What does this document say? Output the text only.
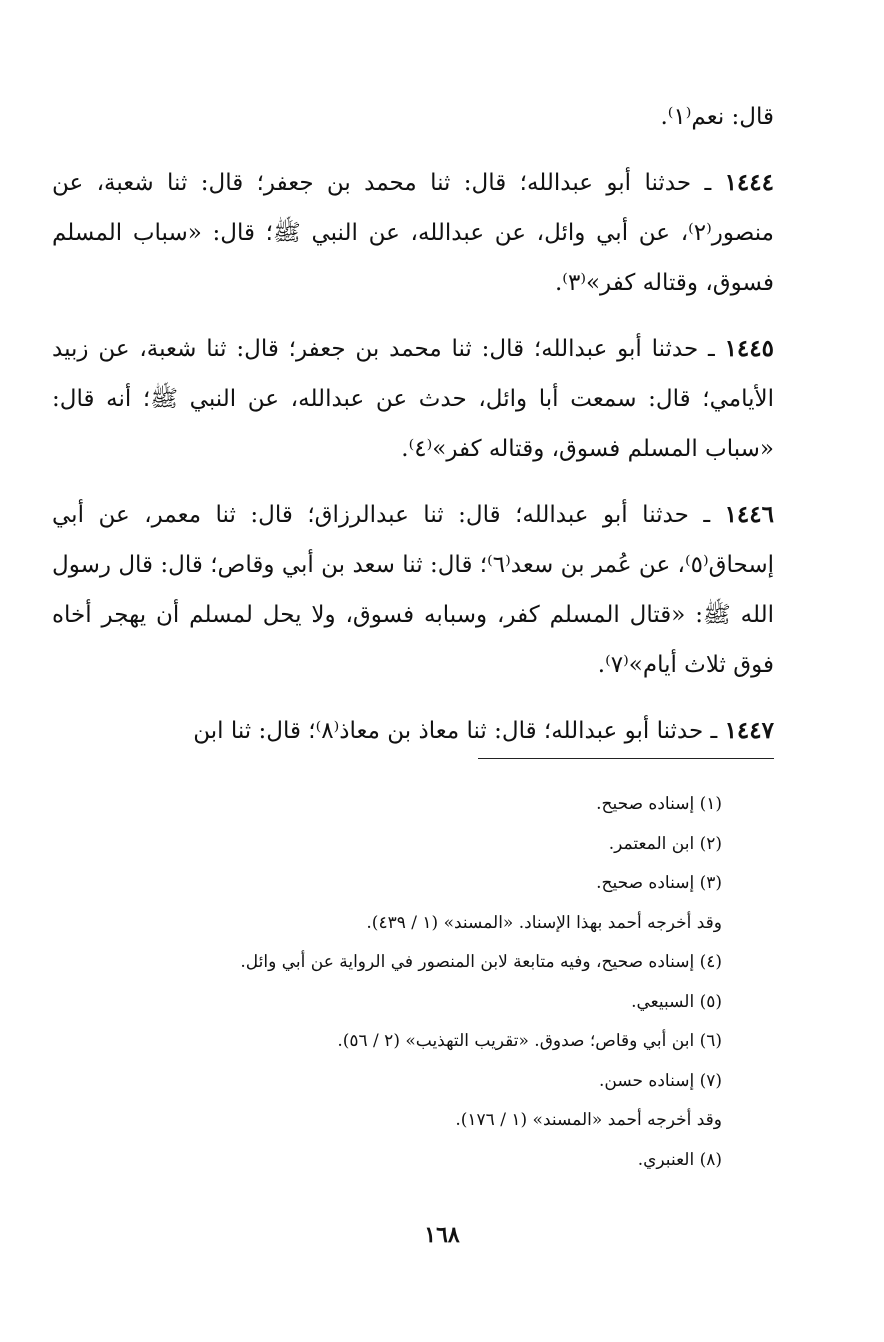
قال: نعم⁽١⁾.

١٤٤٤ ـ حدثنا أبو عبدالله؛ قال: ثنا محمد بن جعفر؛ قال: ثنا شعبة، عن منصور⁽٢⁾، عن أبي وائل، عن عبدالله، عن النبي ﷺ؛ قال: «سباب المسلم فسوق، وقتاله كفر»⁽٣⁾.

١٤٤٥ ـ حدثنا أبو عبدالله؛ قال: ثنا محمد بن جعفر؛ قال: ثنا شعبة، عن زبيد الأيامي؛ قال: سمعت أبا وائل، حدث عن عبدالله، عن النبي ﷺ؛ أنه قال: «سباب المسلم فسوق، وقتاله كفر»⁽٤⁾.

١٤٤٦ ـ حدثنا أبو عبدالله؛ قال: ثنا عبدالرزاق؛ قال: ثنا معمر، عن أبي إسحاق⁽٥⁾، عن عُمر بن سعد⁽٦⁾؛ قال: ثنا سعد بن أبي وقاص؛ قال: قال رسول الله ﷺ: «قتال المسلم كفر، وسبابه فسوق، ولا يحل لمسلم أن يهجر أخاه فوق ثلاث أيام»⁽٧⁾.

١٤٤٧ ـ حدثنا أبو عبدالله؛ قال: ثنا معاذ بن معاذ⁽٨⁾؛ قال: ثنا ابن

(١) إسناده صحيح.

(٢) ابن المعتمر.

(٣) إسناده صحيح.

وقد أخرجه أحمد بهذا الإسناد. «المسند» (١ / ٤٣٩).

(٤) إسناده صحيح، وفيه متابعة لابن المنصور في الرواية عن أبي وائل.

(٥) السبيعي.

(٦) ابن أبي وقاص؛ صدوق. «تقريب التهذيب» (٢ / ٥٦).

(٧) إسناده حسن.

وقد أخرجه أحمد «المسند» (١ / ١٧٦).

(٨) العنبري.

١٦٨
